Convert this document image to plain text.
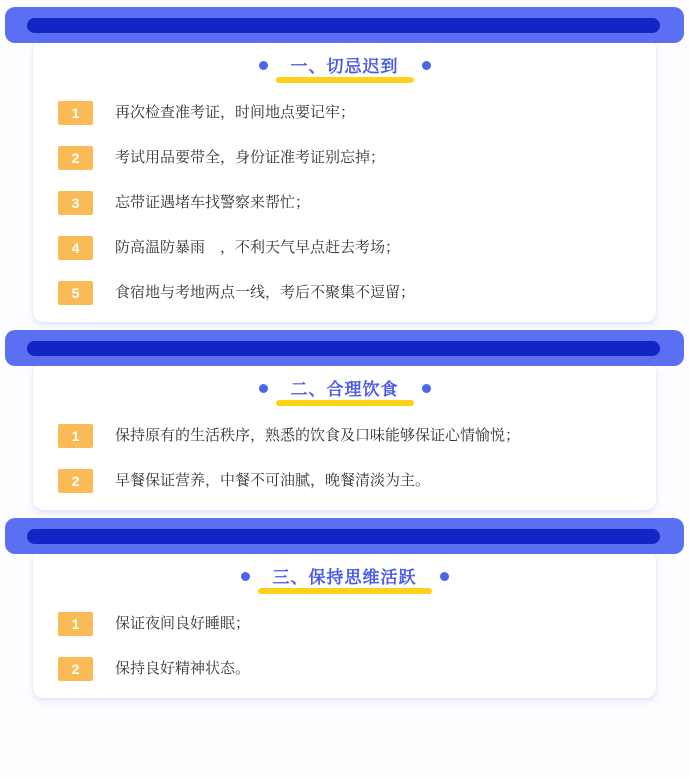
一、切忌迟到
1	再次检查准考证，时间地点要记牢；
2	考试用品要带全，身份证准考证别忘掉；
3	忘带证遇堵车找警察来帮忙；
4	防高温防暴雨　，不利天气早点赶去考场；
5	食宿地与考地两点一线，考后不聚集不逗留；
二、合理饮食
1	保持原有的生活秩序，熟悉的饮食及口味能够保证心情愉悦；
2	早餐保证营养，中餐不可油腻，晚餐清淡为主。
三、保持思维活跃
1	保证夜间良好睡眠；
2	保持良好精神状态。
